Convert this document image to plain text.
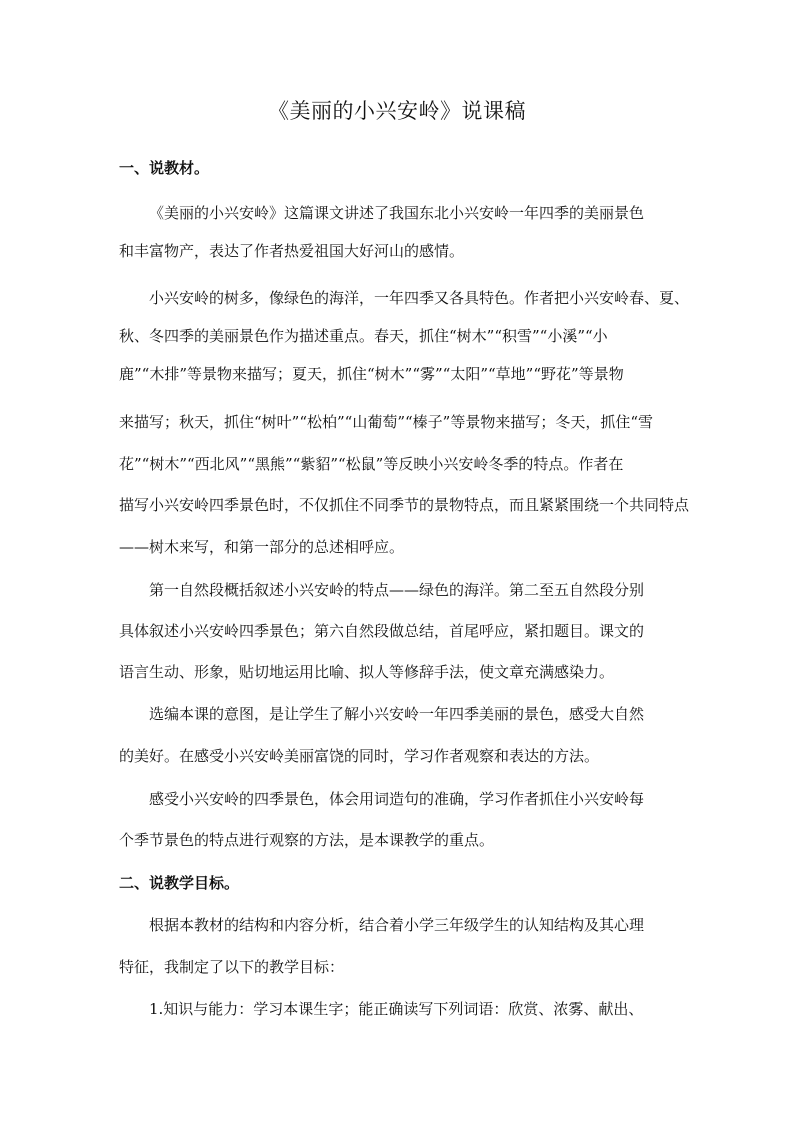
《美丽的小兴安岭》说课稿
一、说教材。
《美丽的小兴安岭》这篇课文讲述了我国东北小兴安岭一年四季的美丽景色
和丰富物产，表达了作者热爱祖国大好河山的感情。
小兴安岭的树多，像绿色的海洋，一年四季又各具特色。作者把小兴安岭春、夏、
秋、冬四季的美丽景色作为描述重点。春天，抓住“树木”“积雪”“小溪”“小
鹿”“木排”等景物来描写；夏天，抓住“树木”“雾”“太阳”“草地”“野花”等景物
来描写；秋天，抓住“树叶”“松柏”“山葡萄”“榛子”等景物来描写；冬天，抓住“雪
花”“树木”“西北风”“黑熊”“紫貂”“松鼠”等反映小兴安岭冬季的特点。作者在
描写小兴安岭四季景色时，不仅抓住不同季节的景物特点，而且紧紧围绕一个共同特点
——树木来写，和第一部分的总述相呼应。
第一自然段概括叙述小兴安岭的特点——绿色的海洋。第二至五自然段分别
具体叙述小兴安岭四季景色；第六自然段做总结，首尾呼应，紧扣题目。课文的
语言生动、形象，贴切地运用比喻、拟人等修辞手法，使文章充满感染力。
选编本课的意图，是让学生了解小兴安岭一年四季美丽的景色，感受大自然
的美好。在感受小兴安岭美丽富饶的同时，学习作者观察和表达的方法。
感受小兴安岭的四季景色，体会用词造句的准确，学习作者抓住小兴安岭每
个季节景色的特点进行观察的方法，是本课教学的重点。
二、说教学目标。
根据本教材的结构和内容分析，结合着小学三年级学生的认知结构及其心理
特征，我制定了以下的教学目标：
1.知识与能力：学习本课生字；能正确读写下列词语：欣赏、浓雾、献出、
